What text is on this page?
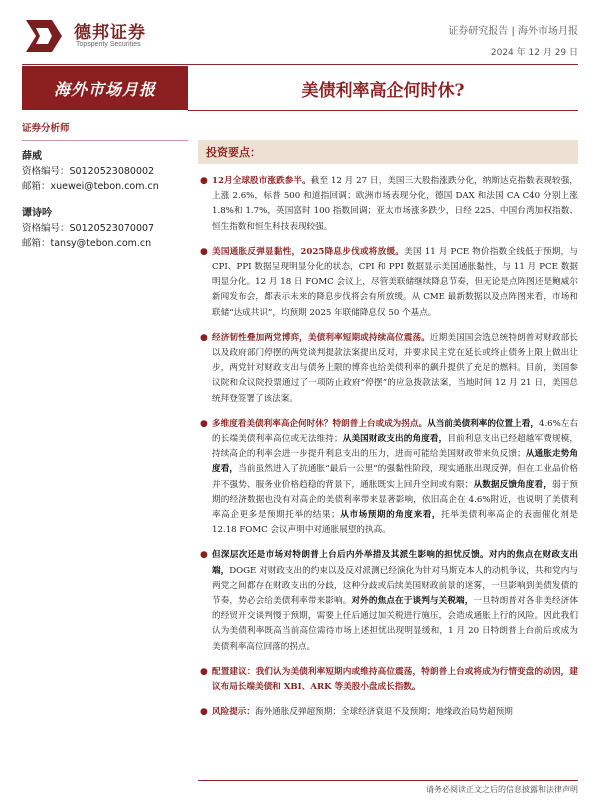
德邦证券
Topsperity Securities
证券研究报告 | 海外市场月报
2024 年 12 月 29 日
海外市场月报	美债利率高企何时休?
证券分析师
薛威
资格编号：S0120523080002
邮箱：xuewei@tebon.com.cn
谭诗吟
资格编号：S0120523070007
邮箱：tansy@tebon.com.cn
投资要点：
● 12月全球股市涨跌参半。截至 12 月 27 日，美国三大股指涨跌分化，纳斯达克指数表现较强，上涨 2.6%，标普 500 和道指回调；欧洲市场表现分化，德国 DAX 和法国 CA C40 分别上涨 1.8%和 1.7%，英国富时 100 指数回调；亚太市场涨多跌少，日经 225、中国台湾加权指数、恒生指数和恒生科技表现较强。
● 美国通胀反弹显黏性，2025降息步伐或将放缓。美国 11 月 PCE 物价指数全线低于预期，与 CPI、PPI 数据呈现明显分化的状态，CPI 和 PPI 数据显示美国通胀黏性，与 11 月 PCE 数据明显分化。12 月 18 日 FOMC 会议上，尽管美联储继续降息节奏，但无论是点阵图还是鲍威尔新闻发布会，都表示未来的降息步伐将会有所放缓。从 CME 最新数据以及点阵图来看，市场和联储“达成共识”，均预期 2025 年联储降息仅 50 个基点。
● 经济韧性叠加两党博弈，美债利率短期或持续高位震荡。近期美国国会选总统特朗普对财政部长以及政府部门停摆的两党谈判提款法案提出反对，并要求民主党在延长或终止债务上限上做出让步，两党针对财政支出与债务上限的博弈也给美债利率的飙升提供了充足的燃料。目前，美国参议院和众议院投票通过了一项防止政府“停摆”的应急拨款法案，当地时间 12 月 21 日，美国总统拜登签署了该法案。
● 多维度看美债利率高企何时休？特朗普上台或成为拐点。从当前美债利率的位置上看，4.6%左右的长端美债利率高位或无法维持；从美国财政支出的角度看，目前利息支出已经超越军费规模，持续高企的利率会进一步提升利息支出的压力，进而可能给美国财政带来负反馈；从通胀走势角度看，当前虽然进入了抗通胀“最后一公里”的强黏性阶段，现实通胀出现反弹，但在工业品价格并不强势、服务业价格趋稳的背景下，通胀既实上回升空间或有限；从数据反馈角度看，弱于预期的经济数据也没有对高企的美债利率带来显著影响，依旧高企在 4.6%附近，也说明了美债利率高企更多是预期托举的结果；从市场预期的角度来看，托举美债利率高企的表面催化剂是 12.18 FOMC 会议声明中对通胀展望的执高。
● 但深层次还是市场对特朗普上台后内外举措及其派生影响的担忧反馈。对内的焦点在财政支出端，DOGE 对财政支出的约束以及反对派测已经演化为针对马斯克本人的动机争议，共和党内与两党之间都存在财政支出的分歧，这种分歧或后续美国财政前景的迷雾，一旦影响到美债发债的节奏，势必会给美债利率带来影响。对外的焦点在于谈判与关税端，一旦特朗普对各非美经济体的经贸开交谈判慢于预期，需要上任后通过加关税进行施压，会造成通胀上行的风险。因此我们认为美债利率既高当前高位需待市场上述担忧出现明显缓和，1 月 20 日特朗普上台前后或成为美债利率高位回落的拐点。
● 配置建议：我们认为美债利率短期内或维持高位震荡，特朗普上台或将成为行情变盘的动因，建议布局长端美债和 XBI、ARK 等美股小盘成长指数。
● 风险提示：海外通胀反弹超预期；全球经济衰退不及预期；地缘政治局势超预期
请务必阅读正文之后的信息披露和法律声明
